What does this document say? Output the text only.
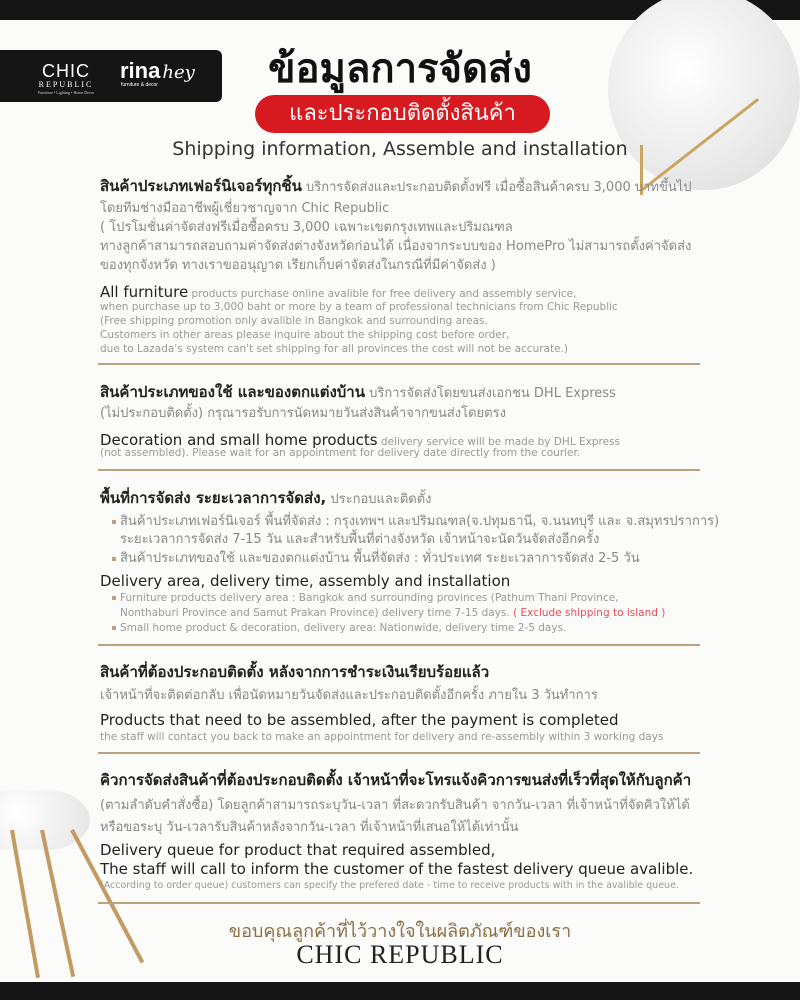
CHIC
REPUBLIC
Furniture • Lighting • Home Decor
rina hey
furniture & decor	ข้อมูลการจัดส่ง
และประกอบติดตั้งสินค้า
Shipping information, Assemble and installation
สินค้าประเภทเฟอร์นิเจอร์ทุกชิ้น บริการจัดส่งและประกอบติดตั้งฟรี เมื่อซื้อสินค้าครบ 3,000 บาทขึ้นไป
โดยทีมช่างมืออาชีพผู้เชี่ยวชาญจาก Chic Republic
( โปรโมชั่นค่าจัดส่งฟรีเมื่อซื้อครบ 3,000 เฉพาะเขตกรุงเทพและปริมณฑล
ทางลูกค้าสามารถสอบถามค่าจัดส่งต่างจังหวัดก่อนได้ เนื่องจากระบบของ HomePro ไม่สามารถตั้งค่าจัดส่ง
ของทุกจังหวัด ทางเราขออนุญาต เรียกเก็บค่าจัดส่งในกรณีที่มีค่าจัดส่ง )
All furniture products purchase online avalible for free delivery and assembly service,
when purchase up to 3,000 baht or more by a team of professional technicians from Chic Republic
(Free shipping promotion only avalible in Bangkok and surrounding areas.
Customers in other areas please inquire about the shipping cost before order,
due to Lazada's system can't set shipping for all provinces the cost will not be accurate.)
สินค้าประเภทของใช้ และของตกแต่งบ้าน บริการจัดส่งโดยขนส่งเอกชน DHL Express
(ไม่ประกอบติดตั้ง) กรุณารอรับการนัดหมายวันส่งสินค้าจากขนส่งโดยตรง
Decoration and small home products delivery service will be made by DHL Express
(not assembled). Please wait for an appointment for delivery date directly from the courier.
พื้นที่การจัดส่ง ระยะเวลาการจัดส่ง, ประกอบและติดตั้ง
สินค้าประเภทเฟอร์นิเจอร์ พื้นที่จัดส่ง : กรุงเทพฯ และปริมณฑล(จ.ปทุมธานี, จ.นนทบุรี และ จ.สมุทรปราการ)
ระยะเวลาการจัดส่ง 7-15 วัน และสำหรับพื้นที่ต่างจังหวัด เจ้าหน้าจะนัดวันจัดส่งอีกครั้ง
สินค้าประเภทของใช้ และของตกแต่งบ้าน พื้นที่จัดส่ง : ทั่วประเทศ ระยะเวลาการจัดส่ง 2-5 วัน
Delivery area, delivery time, assembly and installation
Furniture products delivery area : Bangkok and surrounding provinces (Pathum Thani Province,
Nonthaburi Province and Samut Prakan Province) delivery time 7-15 days. ( Exclude shipping to island )
Small home product & decoration, delivery area: Nationwide, delivery time 2-5 days.
สินค้าที่ต้องประกอบติดตั้ง หลังจากการชำระเงินเรียบร้อยแล้ว
เจ้าหน้าที่จะติดต่อกลับ เพื่อนัดหมายวันจัดส่งและประกอบติดตั้งอีกครั้ง ภายใน 3 วันทำการ
Products that need to be assembled, after the payment is completed
the staff will contact you back to make an appointment for delivery and re-assembly within 3 working days
คิวการจัดส่งสินค้าที่ต้องประกอบติดตั้ง เจ้าหน้าที่จะโทรแจ้งคิวการขนส่งที่เร็วที่สุดให้กับลูกค้า
(ตามลำดับคำสั่งซื้อ) โดยลูกค้าสามารถระบุวัน-เวลา ที่สะดวกรับสินค้า จากวัน-เวลา ที่เจ้าหน้าที่จัดคิวให้ได้
หรือขอระบุ วัน-เวลารับสินค้าหลังจากวัน-เวลา ที่เจ้าหน้าที่เสนอให้ได้เท่านั้น
Delivery queue for product that required assembled,
The staff will call to inform the customer of the fastest delivery queue avalible.
(According to order queue) customers can specify the prefered date - time to receive products with in the avalible queue.
ขอบคุณลูกค้าที่ไว้วางใจในผลิตภัณฑ์ของเรา
CHIC REPUBLIC
